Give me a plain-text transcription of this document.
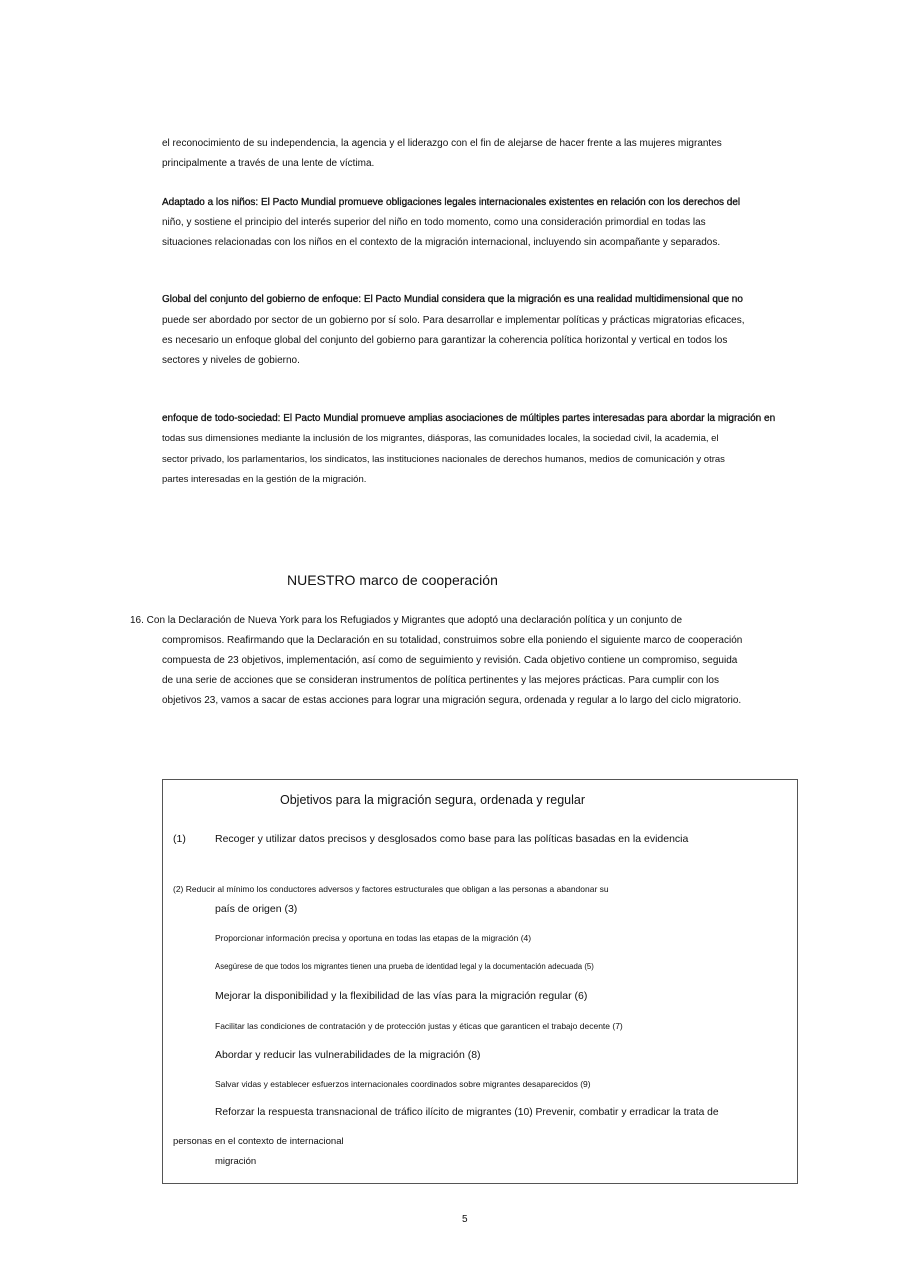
el reconocimiento de su independencia, la agencia y el liderazgo con el fin de alejarse de hacer frente a las mujeres migrantes
principalmente a través de una lente de víctima.
Adaptado a los niños: El Pacto Mundial promueve obligaciones legales internacionales existentes en relación con los derechos del
niño, y sostiene el principio del interés superior del niño en todo momento, como una consideración primordial en todas las
situaciones relacionadas con los niños en el contexto de la migración internacional, incluyendo sin acompañante y separados.
Global del conjunto del gobierno de enfoque: El Pacto Mundial considera que la migración es una realidad multidimensional que no
puede ser abordado por sector de un gobierno por sí solo. Para desarrollar e implementar políticas y prácticas migratorias eficaces,
es necesario un enfoque global del conjunto del gobierno para garantizar la coherencia política horizontal y vertical en todos los
sectores y niveles de gobierno.
enfoque de todo-sociedad: El Pacto Mundial promueve amplias asociaciones de múltiples partes interesadas para abordar la migración en
todas sus dimensiones mediante la inclusión de los migrantes, diásporas, las comunidades locales, la sociedad civil, la academia, el
sector privado, los parlamentarios, los sindicatos, las instituciones nacionales de derechos humanos, medios de comunicación y otras
partes interesadas en la gestión de la migración.
NUESTRO marco de cooperación
16. Con la Declaración de Nueva York para los Refugiados y Migrantes que adoptó una declaración política y un conjunto de
compromisos. Reafirmando que la Declaración en su totalidad, construimos sobre ella poniendo el siguiente marco de cooperación
compuesta de 23 objetivos, implementación, así como de seguimiento y revisión. Cada objetivo contiene un compromiso, seguida
de una serie de acciones que se consideran instrumentos de política pertinentes y las mejores prácticas. Para cumplir con los
objetivos 23, vamos a sacar de estas acciones para lograr una migración segura, ordenada y regular a lo largo del ciclo migratorio.
Objetivos para la migración segura, ordenada y regular
(1)	Recoger y utilizar datos precisos y desglosados como base para las políticas basadas en la evidencia
(2) Reducir al mínimo los conductores adversos y factores estructurales que obligan a las personas a abandonar su
país de origen (3)
Proporcionar información precisa y oportuna en todas las etapas de la migración (4)
Asegúrese de que todos los migrantes tienen una prueba de identidad legal y la documentación adecuada (5)
Mejorar la disponibilidad y la flexibilidad de las vías para la migración regular (6)
Facilitar las condiciones de contratación y de protección justas y éticas que garanticen el trabajo decente (7)
Abordar y reducir las vulnerabilidades de la migración (8)
Salvar vidas y establecer esfuerzos internacionales coordinados sobre migrantes desaparecidos (9)
Reforzar la respuesta transnacional de tráfico ilícito de migrantes (10) Prevenir, combatir y erradicar la trata de
personas en el contexto de internacional
migración
5
